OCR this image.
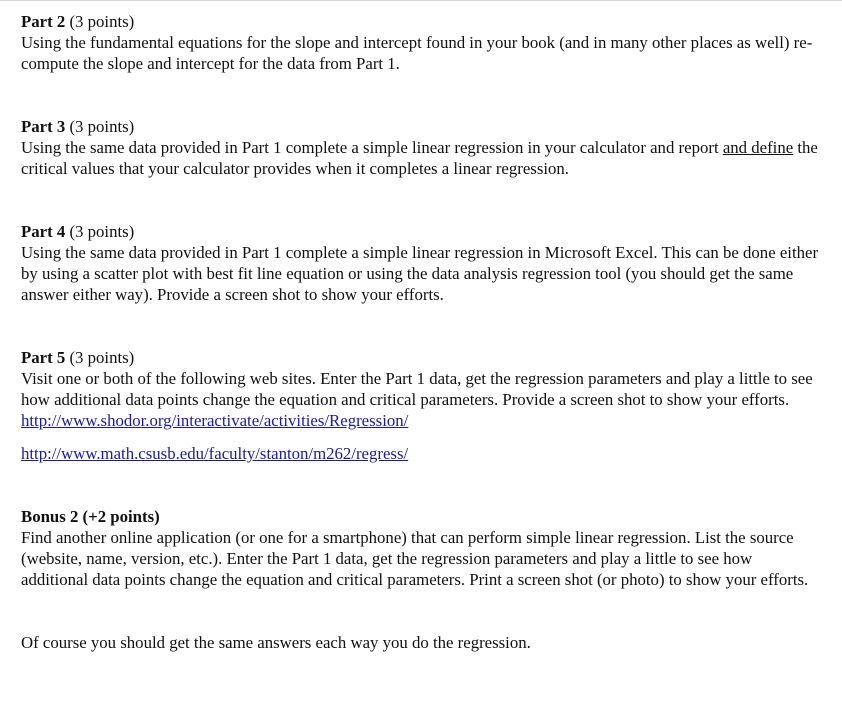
Part 2 (3 points)

Using the fundamental equations for the slope and intercept found in your book (and in many other places as well) re-compute the slope and intercept for the data from Part 1.

Part 3 (3 points)

Using the same data provided in Part 1 complete a simple linear regression in your calculator and report and define the critical values that your calculator provides when it completes a linear regression.

Part 4 (3 points)

Using the same data provided in Part 1 complete a simple linear regression in Microsoft Excel. This can be done either by using a scatter plot with best fit line equation or using the data analysis regression tool (you should get the same answer either way). Provide a screen shot to show your efforts.

Part 5 (3 points)

Visit one or both of the following web sites. Enter the Part 1 data, get the regression parameters and play a little to see how additional data points change the equation and critical parameters. Provide a screen shot to show your efforts.

http://www.shodor.org/interactivate/activities/Regression/

http://www.math.csusb.edu/faculty/stanton/m262/regress/

Bonus 2 (+2 points)

Find another online application (or one for a smartphone) that can perform simple linear regression. List the source (website, name, version, etc.). Enter the Part 1 data, get the regression parameters and play a little to see how additional data points change the equation and critical parameters. Print a screen shot (or photo) to show your efforts.

Of course you should get the same answers each way you do the regression.
